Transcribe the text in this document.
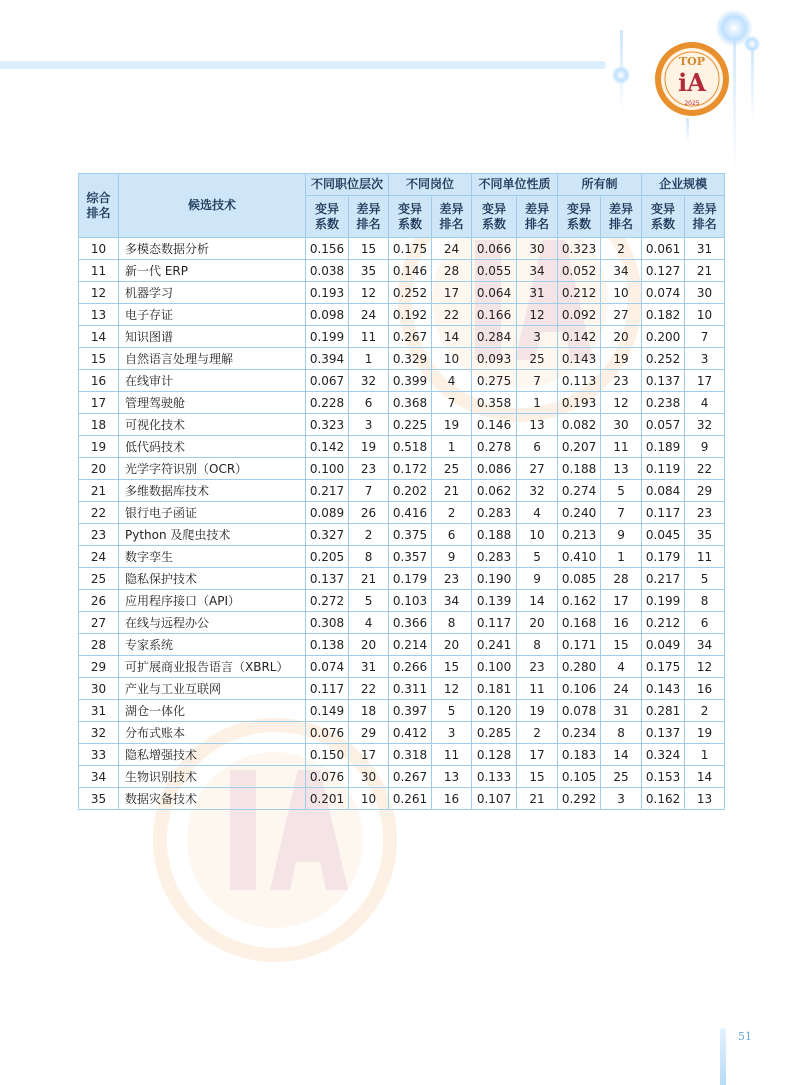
TOP
iA
2025
综合排名	候选技术	不同职位层次		不同岗位		不同单位性质		所有制		企业规模	
		变异系数	差异排名	变异系数	差异排名	变异系数	差异排名	变异系数	差异排名	变异系数	差异排名
10	多模态数据分析	0.156	15	0.175	24	0.066	30	0.323	2	0.061	31
11	新一代 ERP	0.038	35	0.146	28	0.055	34	0.052	34	0.127	21
12	机器学习	0.193	12	0.252	17	0.064	31	0.212	10	0.074	30
13	电子存证	0.098	24	0.192	22	0.166	12	0.092	27	0.182	10
14	知识图谱	0.199	11	0.267	14	0.284	3	0.142	20	0.200	7
15	自然语言处理与理解	0.394	1	0.329	10	0.093	25	0.143	19	0.252	3
16	在线审计	0.067	32	0.399	4	0.275	7	0.113	23	0.137	17
17	管理驾驶舱	0.228	6	0.368	7	0.358	1	0.193	12	0.238	4
18	可视化技术	0.323	3	0.225	19	0.146	13	0.082	30	0.057	32
19	低代码技术	0.142	19	0.518	1	0.278	6	0.207	11	0.189	9
20	光学字符识别（OCR）	0.100	23	0.172	25	0.086	27	0.188	13	0.119	22
21	多维数据库技术	0.217	7	0.202	21	0.062	32	0.274	5	0.084	29
22	银行电子函证	0.089	26	0.416	2	0.283	4	0.240	7	0.117	23
23	Python 及爬虫技术	0.327	2	0.375	6	0.188	10	0.213	9	0.045	35
24	数字孪生	0.205	8	0.357	9	0.283	5	0.410	1	0.179	11
25	隐私保护技术	0.137	21	0.179	23	0.190	9	0.085	28	0.217	5
26	应用程序接口（API）	0.272	5	0.103	34	0.139	14	0.162	17	0.199	8
27	在线与远程办公	0.308	4	0.366	8	0.117	20	0.168	16	0.212	6
28	专家系统	0.138	20	0.214	20	0.241	8	0.171	15	0.049	34
29	可扩展商业报告语言（XBRL）	0.074	31	0.266	15	0.100	23	0.280	4	0.175	12
30	产业与工业互联网	0.117	22	0.311	12	0.181	11	0.106	24	0.143	16
31	湖仓一体化	0.149	18	0.397	5	0.120	19	0.078	31	0.281	2
32	分布式账本	0.076	29	0.412	3	0.285	2	0.234	8	0.137	19
33	隐私增强技术	0.150	17	0.318	11	0.128	17	0.183	14	0.324	1
34	生物识别技术	0.076	30	0.267	13	0.133	15	0.105	25	0.153	14
35	数据灾备技术	0.201	10	0.261	16	0.107	21	0.292	3	0.162	13
51
